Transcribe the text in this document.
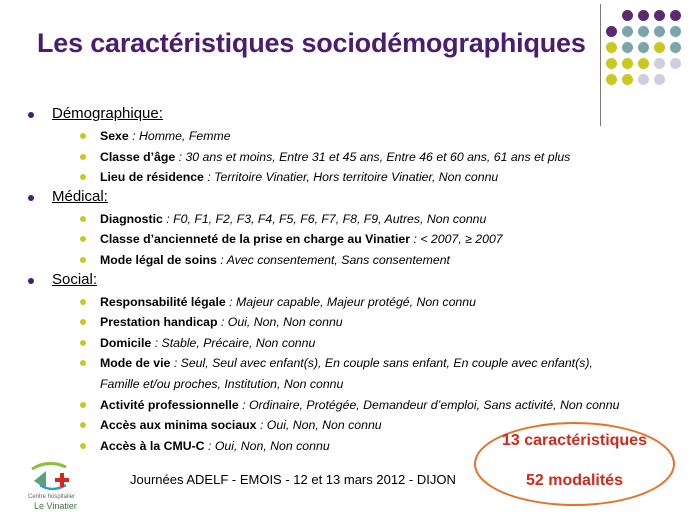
Les caractéristiques sociodémographiques
Démographique:
Sexe : Homme, Femme
Classe d’âge : 30 ans et moins, Entre 31 et 45 ans, Entre 46 et 60 ans, 61 ans et plus
Lieu de résidence : Territoire Vinatier, Hors territoire Vinatier, Non connu
Médical:
Diagnostic : F0, F1, F2, F3, F4, F5, F6, F7, F8, F9, Autres, Non connu
Classe d’ancienneté de la prise en charge au Vinatier : < 2007, ≥ 2007
Mode légal de soins : Avec consentement, Sans consentement
Social:
Responsabilité légale : Majeur capable, Majeur protégé, Non connu
Prestation handicap : Oui, Non, Non connu
Domicile : Stable, Précaire, Non connu
Mode de vie : Seul, Seul avec enfant(s), En couple sans enfant, En couple avec enfant(s),
Famille et/ou proches, Institution, Non connu
Activité professionnelle : Ordinaire, Protégée, Demandeur d’emploi, Sans activité, Non connu
Accès aux minima sociaux : Oui, Non, Non connu
Accès à la CMU-C : Oui, Non, Non connu
Centre hospitalier
Le Vinatier
Journées ADELF - EMOIS - 12 et 13 mars 2012 - DIJON
13 caractéristiques
52 modalités
